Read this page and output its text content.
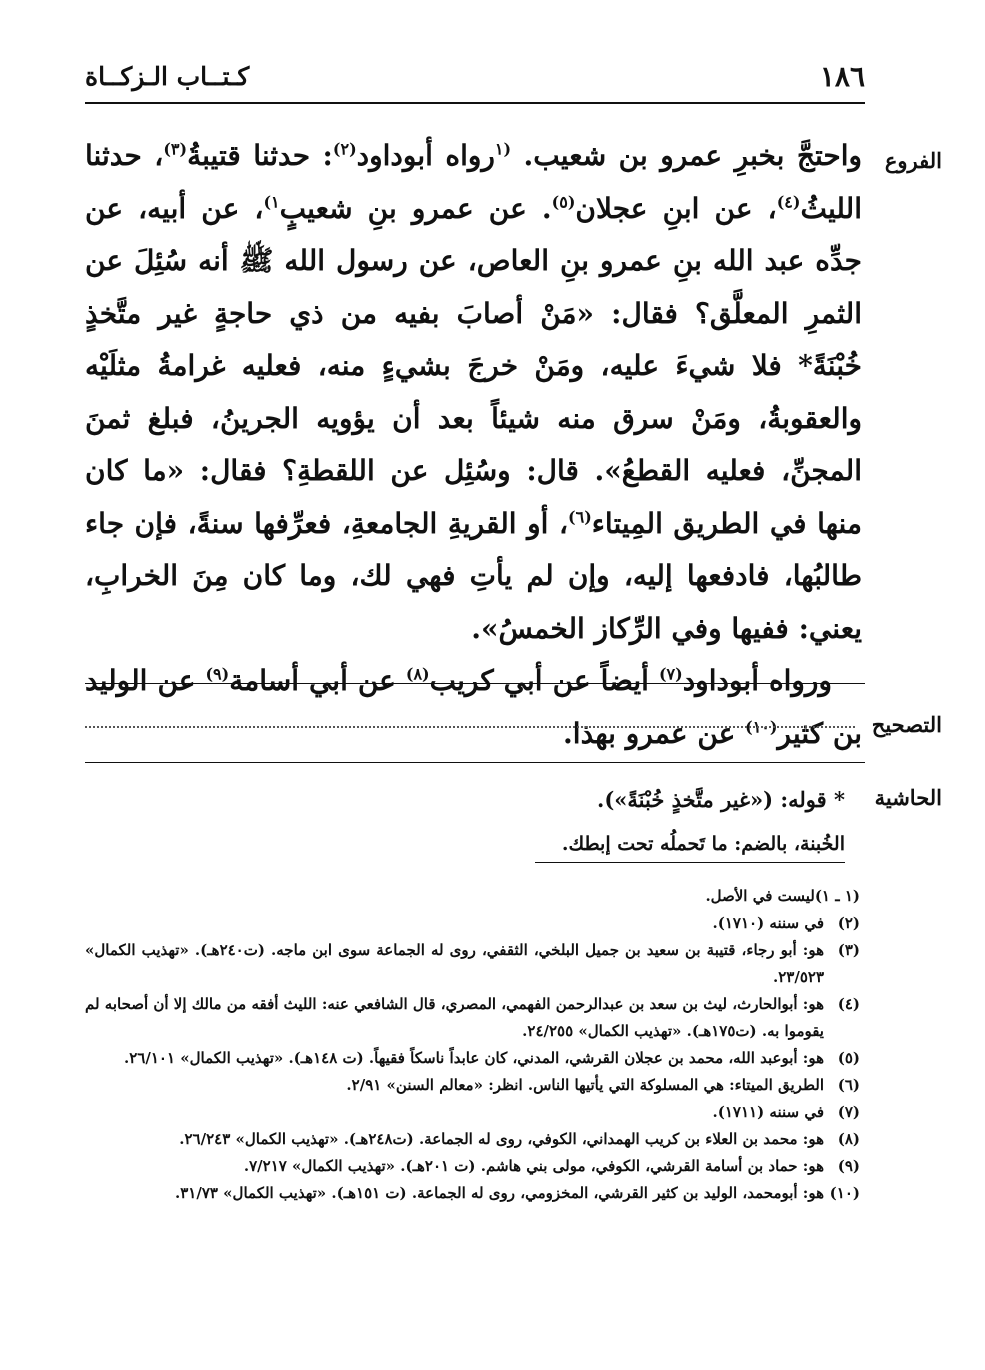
١٨٦
كـتــاب الـزكــاة
الفروع

واحتجَّ بخبرِ عمرو بن شعيب. $^{(١}$رواه أبوداود$^{(٢)}$: حدثنا قتيبةُ$^{(٣)}$، حدثنا الليثُ$^{(٤)}$، عن ابنِ عجلان$^{(٥)}$. عن عمرو بنِ شعيبٍ$^{١)}$، عن أبيه، عن جدِّه عبد الله بنِ عمرو بنِ العاص، عن رسول الله ﷺ أنه سُئِلَ عن الثمرِ المعلَّق؟ فقال: «مَنْ أصابَ بفيه من ذي حاجةٍ غير متَّخذٍ خُبْنَةً* فلا شيءَ عليه، ومَنْ خرجَ بشيءٍ منه، فعليه غرامةُ مثلَيْه والعقوبةُ، ومَنْ سرق منه شيئاً بعد أن يؤويه الجرينُ، فبلغ ثمنَ المجنِّ، فعليه القطعُ». قال: وسُئِل عن اللقطةِ؟ فقال: «ما كان منها في الطريق المِيتاء$^{(٦)}$، أو القريةِ الجامعةِ، فعرِّفها سنةً، فإن جاء طالبُها، فادفعها إليه، وإن لم يأتِ فهي لك، وما كان مِنَ الخرابِ، يعني: ففيها وفي الرِّكاز الخمسُ».

ورواه أبوداود$^{(٧)}$ أيضاً عن أبي كريب$^{(٨)}$ عن أبي أسامة$^{(٩)}$ عن الوليد بن كثير$^{(١٠)}$ عن عمرو بهذا.	التصحيح
الحاشية
* قوله: («غير متَّخذٍ خُبْنَةً»).
الخُبنة، بالضم: ما تَحملُه تحت إبطك.
(١ ـ ١)
ليست في الأصل.
(٢)
في سننه (١٧١٠).
(٣)
هو: أبو رجاء، قتيبة بن سعيد بن جميل البلخي، الثقفي، روى له الجماعة سوى ابن ماجه. (ت٢٤٠هـ). «تهذيب الكمال» ٢٣/٥٢٣.
(٤)
هو: أبوالحارث، ليث بن سعد بن عبدالرحمن الفهمي، المصري، قال الشافعي عنه: الليث أفقه من مالك إلا أن أصحابه لم يقوموا به. (ت١٧٥هـ). «تهذيب الكمال» ٢٤/٢٥٥.
(٥)
هو: أبوعبد الله، محمد بن عجلان القرشي، المدني، كان عابداً ناسكاً فقيهاً. (ت ١٤٨هـ). «تهذيب الكمال» ٢٦/١٠١.
(٦)
الطريق الميتاء: هي المسلوكة التي يأتيها الناس. انظر: «معالم السنن» ٢/٩١.
(٧)
في سننه (١٧١١).
(٨)
هو: محمد بن العلاء بن كريب الهمداني، الكوفي، روى له الجماعة. (ت٢٤٨هـ). «تهذيب الكمال» ٢٦/٢٤٣.
(٩)
هو: حماد بن أسامة القرشي، الكوفي، مولى بني هاشم. (ت ٢٠١هـ). «تهذيب الكمال» ٧/٢١٧.
(١٠)
هو: أبومحمد، الوليد بن كثير القرشي، المخزومي، روى له الجماعة. (ت ١٥١هـ). «تهذيب الكمال» ٣١/٧٣.
